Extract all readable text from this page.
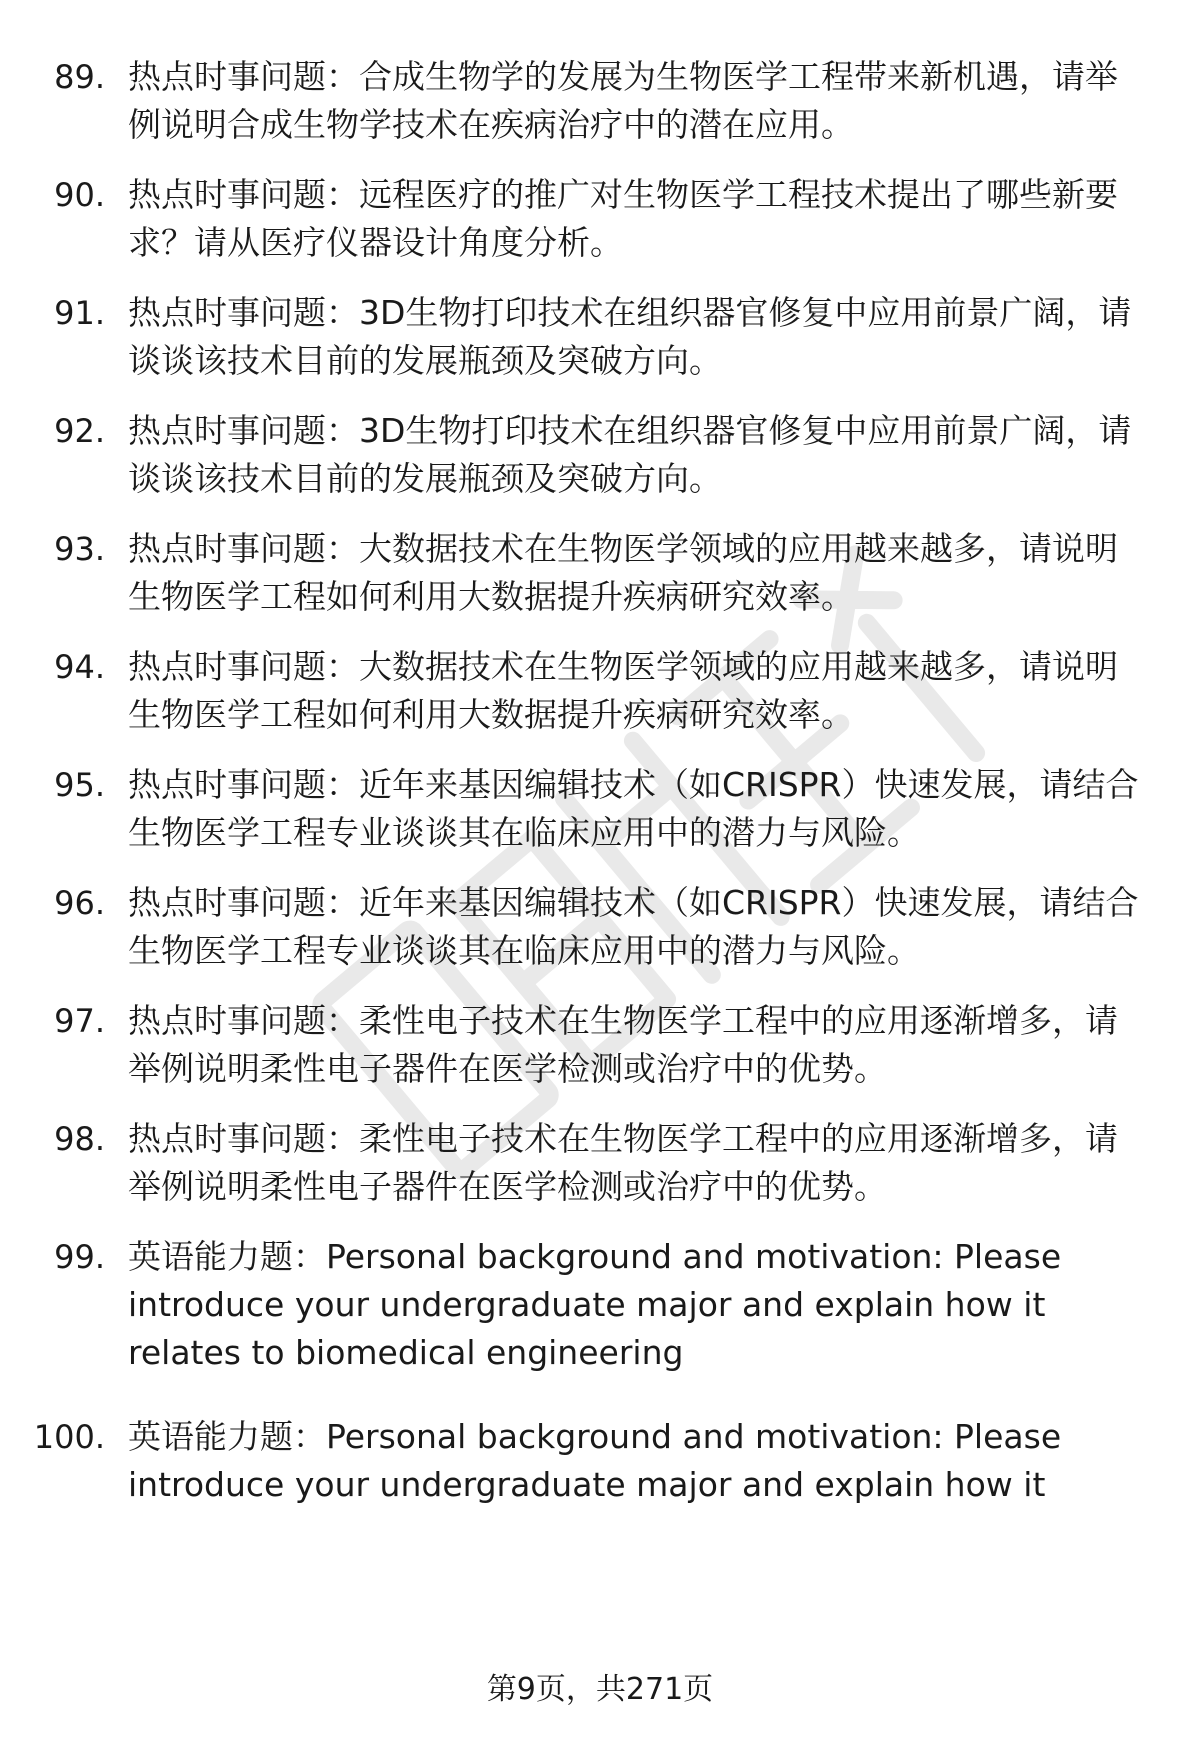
89. 热点时事问题：合成生物学的发展为生物医学工程带来新机遇，请举例说明合成生物学技术在疾病治疗中的潜在应用。
90. 热点时事问题：远程医疗的推广对生物医学工程技术提出了哪些新要求？请从医疗仪器设计角度分析。
91. 热点时事问题：3D生物打印技术在组织器官修复中应用前景广阔，请谈谈该技术目前的发展瓶颈及突破方向。
92. 热点时事问题：3D生物打印技术在组织器官修复中应用前景广阔，请谈谈该技术目前的发展瓶颈及突破方向。
93. 热点时事问题：大数据技术在生物医学领域的应用越来越多，请说明生物医学工程如何利用大数据提升疾病研究效率。
94. 热点时事问题：大数据技术在生物医学领域的应用越来越多，请说明生物医学工程如何利用大数据提升疾病研究效率。
95. 热点时事问题：近年来基因编辑技术（如CRISPR）快速发展，请结合生物医学工程专业谈谈其在临床应用中的潜力与风险。
96. 热点时事问题：近年来基因编辑技术（如CRISPR）快速发展，请结合生物医学工程专业谈谈其在临床应用中的潜力与风险。
97. 热点时事问题：柔性电子技术在生物医学工程中的应用逐渐增多，请举例说明柔性电子器件在医学检测或治疗中的优势。
98. 热点时事问题：柔性电子技术在生物医学工程中的应用逐渐增多，请举例说明柔性电子器件在医学检测或治疗中的优势。
99. 英语能力题：Personal background and motivation: Please introduce your undergraduate major and explain how it relates to biomedical engineering
100. 英语能力题：Personal background and motivation: Please introduce your undergraduate major and explain how it
第9页，共271页
